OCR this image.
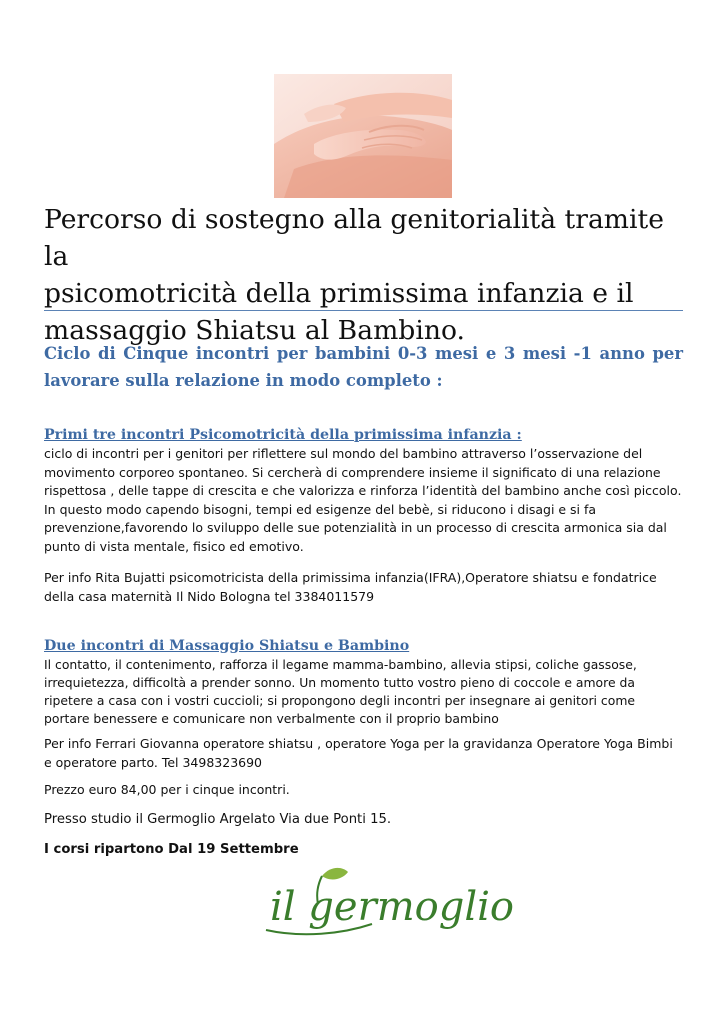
Percorso di sostegno alla genitorialità tramite la
psicomotricità della primissima infanzia e il
massaggio Shiatsu al Bambino.

Ciclo di Cinque incontri per bambini 0-3 mesi e 3 mesi -1 anno per lavorare sulla relazione in modo completo :

Primi tre incontri Psicomotricità della primissima infanzia :

ciclo di incontri per i genitori per riflettere sul mondo del bambino attraverso l’osservazione del movimento corporeo spontaneo. Si cercherà di comprendere insieme il significato di una relazione rispettosa , delle tappe di crescita e che valorizza e rinforza l’identità del bambino anche così piccolo. In questo modo capendo bisogni, tempi ed esigenze del bebè, si riducono i disagi e si fa prevenzione,favorendo lo sviluppo delle sue potenzialità in un processo di crescita armonica sia dal punto di vista mentale, fisico ed emotivo.

Per info Rita Bujatti psicomotricista della primissima infanzia(IFRA),Operatore shiatsu e fondatrice della casa maternità Il Nido Bologna tel 3384011579

Due incontri di Massaggio Shiatsu e Bambino

Il contatto, il contenimento, rafforza il legame mamma-bambino, allevia stipsi, coliche gassose, irrequietezza, difficoltà a prender sonno. Un momento tutto vostro pieno di coccole e amore da ripetere a casa con i vostri cuccioli; si propongono degli incontri per insegnare ai genitori come portare benessere e comunicare non verbalmente con il proprio bambino

Per info Ferrari Giovanna operatore shiatsu , operatore Yoga per la gravidanza Operatore Yoga Bimbi e operatore parto. Tel 3498323690

Prezzo euro 84,00 per i cinque incontri.

Presso studio il Germoglio Argelato Via due Ponti 15.

I corsi ripartono Dal 19 Settembre

il germoglio
